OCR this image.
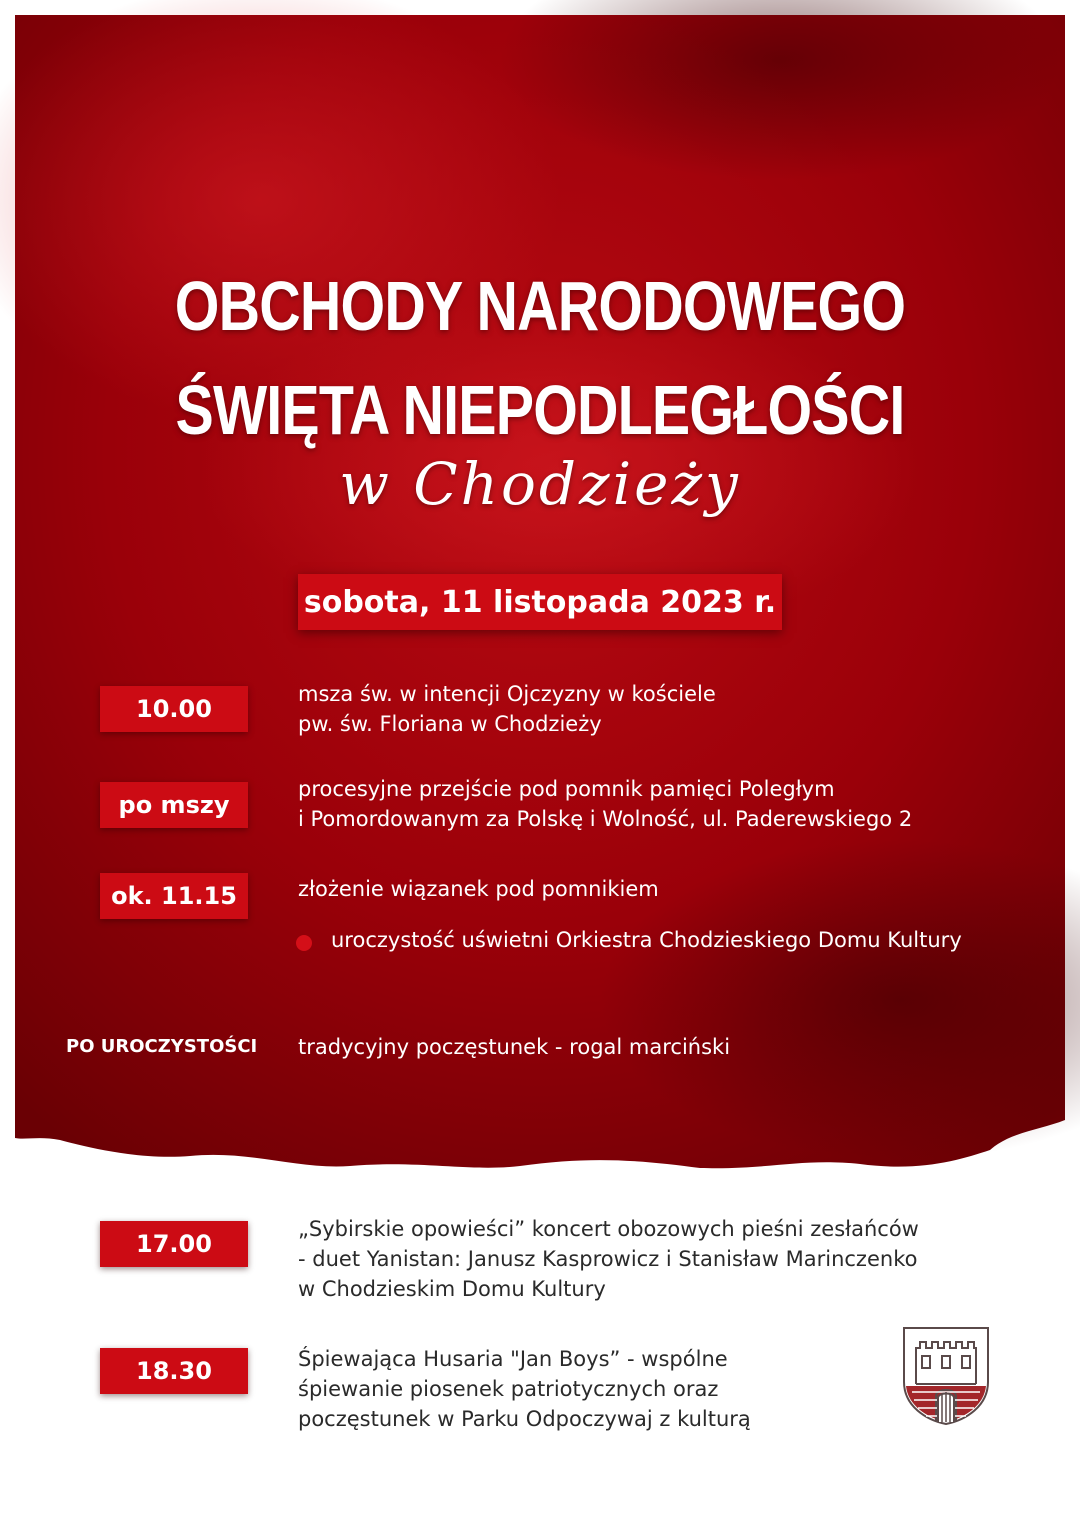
OBCHODY NARODOWEGO
ŚWIĘTA NIEPODLEGŁOŚCI
w Chodzieży
sobota, 11 listopada 2023 r.
10.00
msza św. w intencji Ojczyzny w kościele
pw. św. Floriana w Chodzieży
po mszy
procesyjne przejście pod pomnik pamięci Poległym
i Pomordowanym za Polskę i Wolność, ul. Paderewskiego 2
ok. 11.15	złożenie wiązanek pod pomnikiem
uroczystość uświetni Orkiestra Chodzieskiego Domu Kultury
PO UROCZYSTOŚCI tradycyjny poczęstunek - rogal marciński
17.00
„Sybirskie opowieści” koncert obozowych pieśni zesłańców
- duet Yanistan: Janusz Kasprowicz i Stanisław Marinczenko
w Chodzieskim Domu Kultury
18.30	Śpiewająca Husaria "Jan Boys” - wspólne
śpiewanie piosenek patriotycznych oraz
poczęstunek w Parku Odpoczywaj z kulturą
